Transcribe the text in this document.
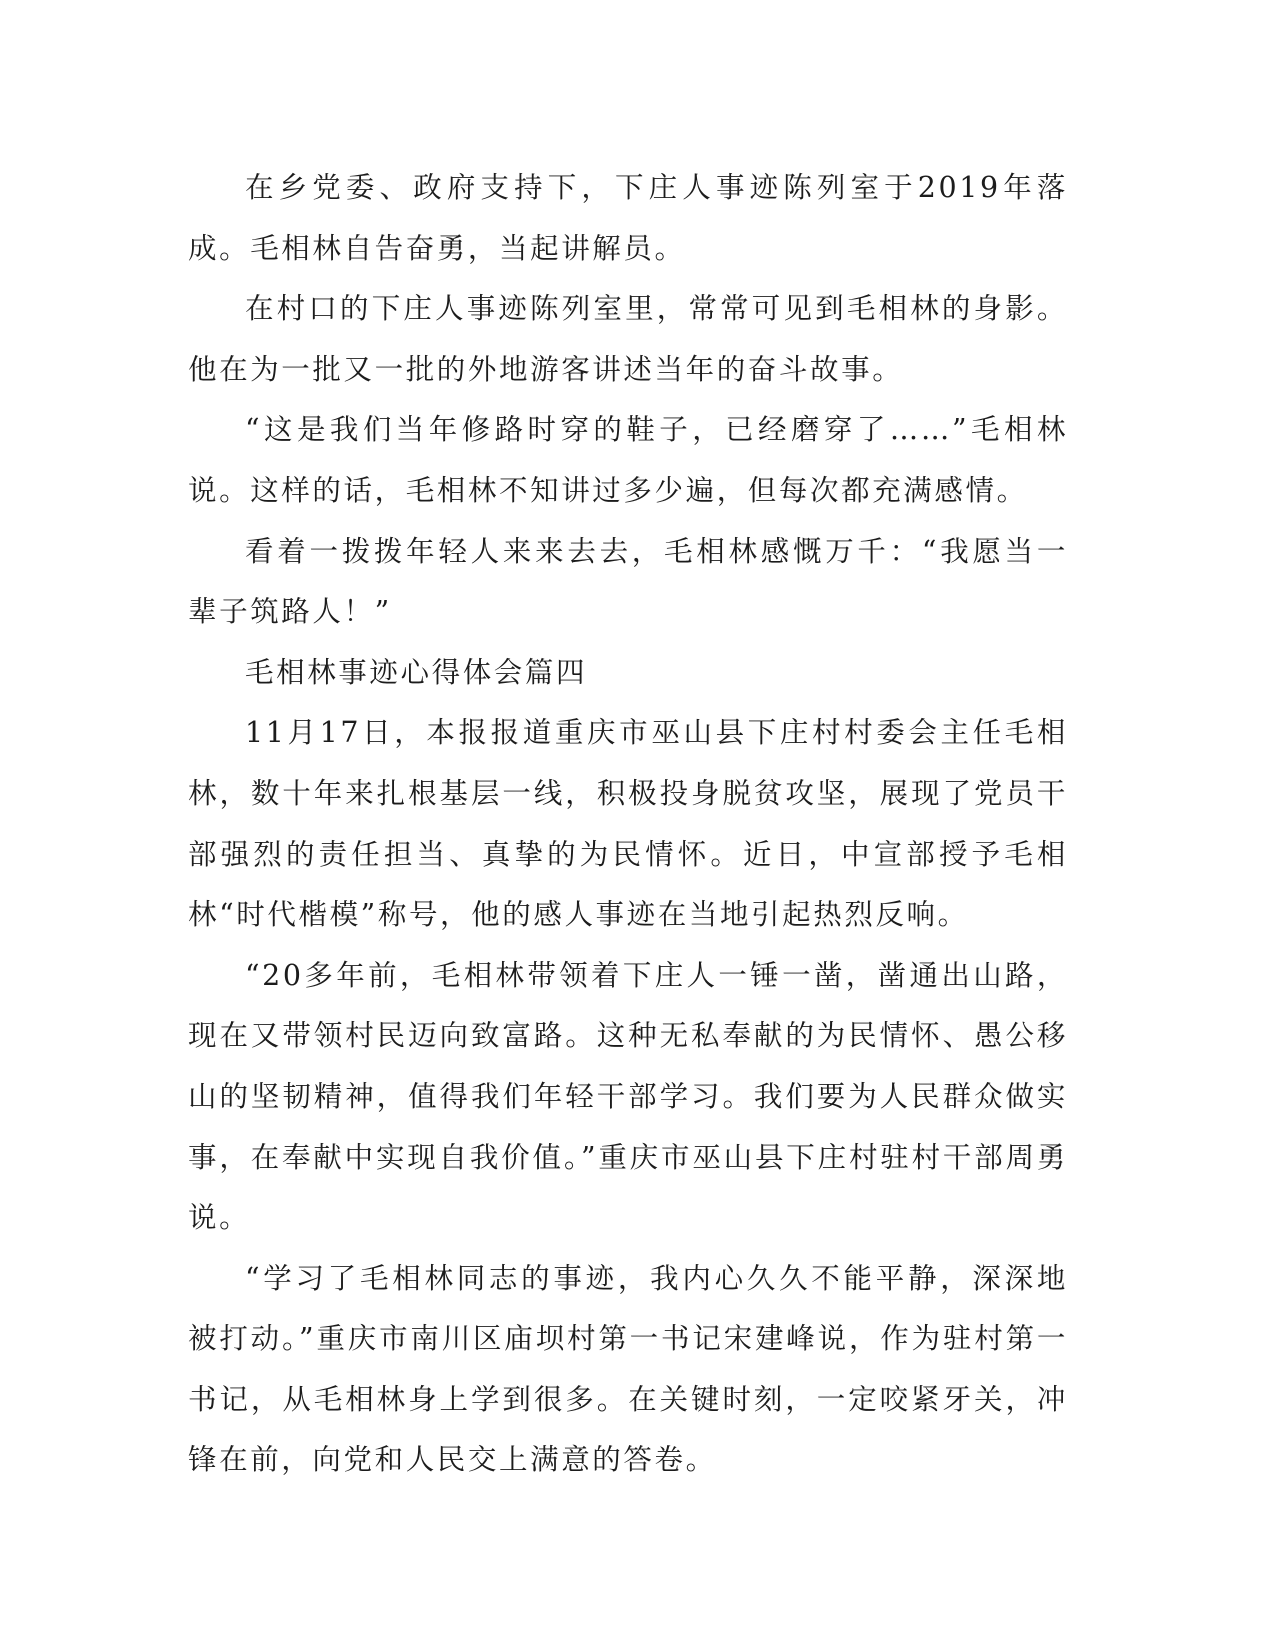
在乡党委、政府支持下，下庄人事迹陈列室于2019年落成。毛相林自告奋勇，当起讲解员。

在村口的下庄人事迹陈列室里，常常可见到毛相林的身影。他在为一批又一批的外地游客讲述当年的奋斗故事。

“这是我们当年修路时穿的鞋子，已经磨穿了……”毛相林说。这样的话，毛相林不知讲过多少遍，但每次都充满感情。

看着一拨拨年轻人来来去去，毛相林感慨万千：“我愿当一辈子筑路人！”

毛相林事迹心得体会篇四

11月17日，本报报道重庆市巫山县下庄村村委会主任毛相林，数十年来扎根基层一线，积极投身脱贫攻坚，展现了党员干部强烈的责任担当、真挚的为民情怀。近日，中宣部授予毛相林“时代楷模”称号，他的感人事迹在当地引起热烈反响。

“20多年前，毛相林带领着下庄人一锤一凿，凿通出山路，现在又带领村民迈向致富路。这种无私奉献的为民情怀、愚公移山的坚韧精神，值得我们年轻干部学习。我们要为人民群众做实事，在奉献中实现自我价值。”重庆市巫山县下庄村驻村干部周勇说。

“学习了毛相林同志的事迹，我内心久久不能平静，深深地被打动。”重庆市南川区庙坝村第一书记宋建峰说，作为驻村第一书记，从毛相林身上学到很多。在关键时刻，一定咬紧牙关，冲锋在前，向党和人民交上满意的答卷。
